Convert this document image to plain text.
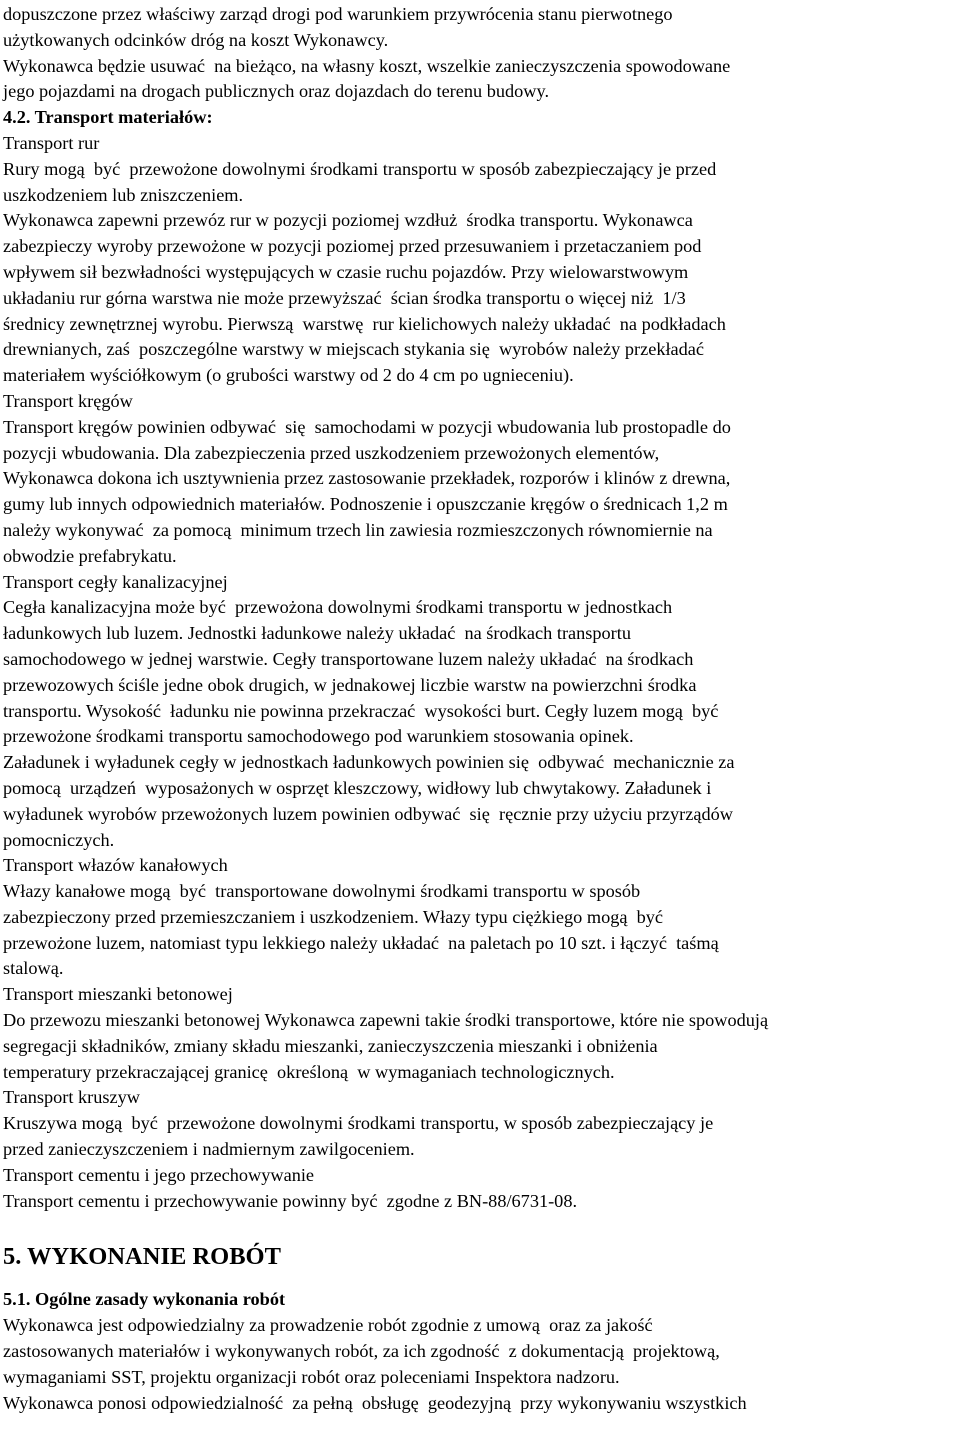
dopuszczone przez właściwy zarząd drogi pod warunkiem przywrócenia stanu pierwotnego
użytkowanych odcinków dróg na koszt Wykonawcy.
Wykonawca będzie usuwać  na bieżąco, na własny koszt, wszelkie zanieczyszczenia spowodowane
jego pojazdami na drogach publicznych oraz dojazdach do terenu budowy.
4.2. Transport materiałów:
Transport rur
Rury mogą  być  przewożone dowolnymi środkami transportu w sposób zabezpieczający je przed
uszkodzeniem lub zniszczeniem.
Wykonawca zapewni przewóz rur w pozycji poziomej wzdłuż  środka transportu. Wykonawca
zabezpieczy wyroby przewożone w pozycji poziomej przed przesuwaniem i przetaczaniem pod
wpływem sił bezwładności występujących w czasie ruchu pojazdów. Przy wielowarstwowym
układaniu rur górna warstwa nie może przewyższać  ścian środka transportu o więcej niż  1/3
średnicy zewnętrznej wyrobu. Pierwszą  warstwę  rur kielichowych należy układać  na podkładach
drewnianych, zaś  poszczególne warstwy w miejscach stykania się  wyrobów należy przekładać
materiałem wyściółkowym (o grubości warstwy od 2 do 4 cm po ugnieceniu).
Transport kręgów
Transport kręgów powinien odbywać  się  samochodami w pozycji wbudowania lub prostopadle do
pozycji wbudowania. Dla zabezpieczenia przed uszkodzeniem przewożonych elementów,
Wykonawca dokona ich usztywnienia przez zastosowanie przekładek, rozporów i klinów z drewna,
gumy lub innych odpowiednich materiałów. Podnoszenie i opuszczanie kręgów o średnicach 1,2 m
należy wykonywać  za pomocą  minimum trzech lin zawiesia rozmieszczonych równomiernie na
obwodzie prefabrykatu.
Transport cegły kanalizacyjnej
Cegła kanalizacyjna może być  przewożona dowolnymi środkami transportu w jednostkach
ładunkowych lub luzem. Jednostki ładunkowe należy układać  na środkach transportu
samochodowego w jednej warstwie. Cegły transportowane luzem należy układać  na środkach
przewozowych ściśle jedne obok drugich, w jednakowej liczbie warstw na powierzchni środka
transportu. Wysokość  ładunku nie powinna przekraczać  wysokości burt. Cegły luzem mogą  być
przewożone środkami transportu samochodowego pod warunkiem stosowania opinek.
Załadunek i wyładunek cegły w jednostkach ładunkowych powinien się  odbywać  mechanicznie za
pomocą  urządzeń  wyposażonych w osprzęt kleszczowy, widłowy lub chwytakowy. Załadunek i
wyładunek wyrobów przewożonych luzem powinien odbywać  się  ręcznie przy użyciu przyrządów
pomocniczych.
Transport włazów kanałowych
Włazy kanałowe mogą  być  transportowane dowolnymi środkami transportu w sposób
zabezpieczony przed przemieszczaniem i uszkodzeniem. Włazy typu ciężkiego mogą  być
przewożone luzem, natomiast typu lekkiego należy układać  na paletach po 10 szt. i łączyć  taśmą
stalową.
Transport mieszanki betonowej
Do przewozu mieszanki betonowej Wykonawca zapewni takie środki transportowe, które nie spowodują
segregacji składników, zmiany składu mieszanki, zanieczyszczenia mieszanki i obniżenia
temperatury przekraczającej granicę  określoną  w wymaganiach technologicznych.
Transport kruszyw
Kruszywa mogą  być  przewożone dowolnymi środkami transportu, w sposób zabezpieczający je
przed zanieczyszczeniem i nadmiernym zawilgoceniem.
Transport cementu i jego przechowywanie
Transport cementu i przechowywanie powinny być  zgodne z BN-88/6731-08.
5. WYKONANIE ROBÓT
5.1. Ogólne zasady wykonania robót
Wykonawca jest odpowiedzialny za prowadzenie robót zgodnie z umową  oraz za jakość
zastosowanych materiałów i wykonywanych robót, za ich zgodność  z dokumentacją  projektową,
wymaganiami SST, projektu organizacji robót oraz poleceniami Inspektora nadzoru.
Wykonawca ponosi odpowiedzialność  za pełną  obsługę  geodezyjną  przy wykonywaniu wszystkich
